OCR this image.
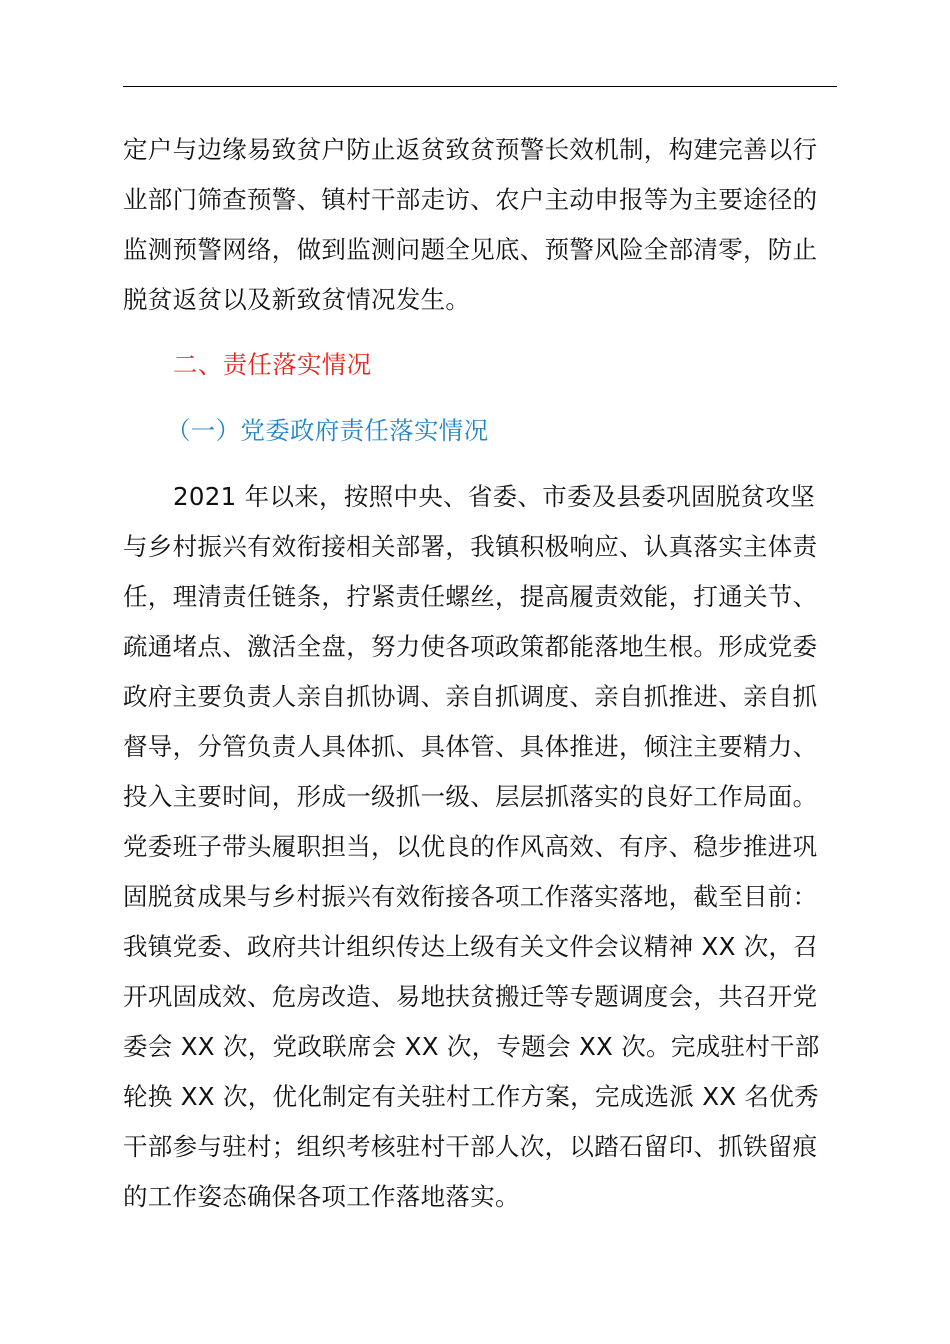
定户与边缘易致贫户防止返贫致贫预警长效机制，构建完善以行
业部门筛查预警、镇村干部走访、农户主动申报等为主要途径的
监测预警网络，做到监测问题全见底、预警风险全部清零，防止
脱贫返贫以及新致贫情况发生。
二、责任落实情况
（一）党委政府责任落实情况
2021 年以来，按照中央、省委、市委及县委巩固脱贫攻坚
与乡村振兴有效衔接相关部署，我镇积极响应、认真落实主体责
任，理清责任链条，拧紧责任螺丝，提高履责效能，打通关节、
疏通堵点、激活全盘，努力使各项政策都能落地生根。形成党委
政府主要负责人亲自抓协调、亲自抓调度、亲自抓推进、亲自抓
督导，分管负责人具体抓、具体管、具体推进，倾注主要精力、
投入主要时间，形成一级抓一级、层层抓落实的良好工作局面。
党委班子带头履职担当，以优良的作风高效、有序、稳步推进巩
固脱贫成果与乡村振兴有效衔接各项工作落实落地，截至目前：
我镇党委、政府共计组织传达上级有关文件会议精神 XX 次，召
开巩固成效、危房改造、易地扶贫搬迁等专题调度会，共召开党
委会 XX 次，党政联席会 XX 次，专题会 XX 次。完成驻村干部
轮换 XX 次，优化制定有关驻村工作方案，完成选派 XX 名优秀
干部参与驻村；组织考核驻村干部人次，以踏石留印、抓铁留痕
的工作姿态确保各项工作落地落实。
